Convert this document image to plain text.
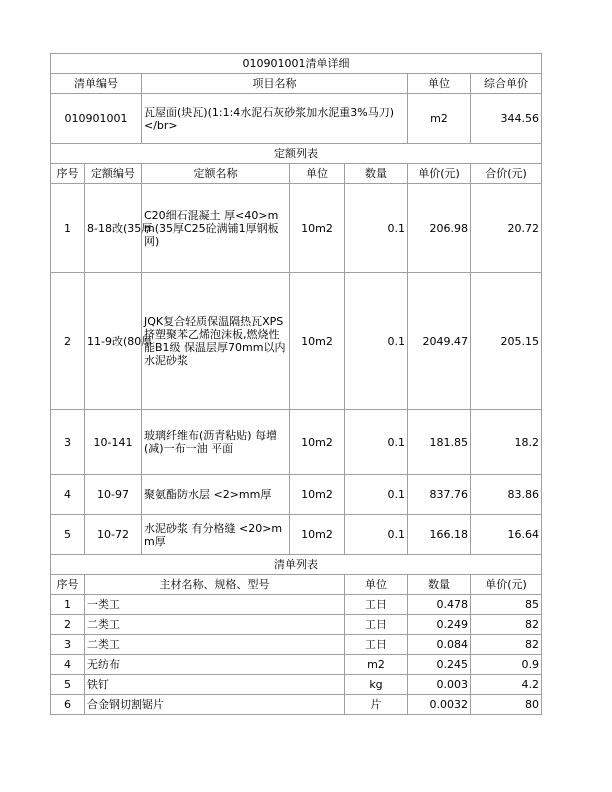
010901001清单详细							
清单编号		项目名称			单位	综合单价	
010901001		瓦屋面(块瓦)(1:1:4水泥石灰砂浆加水泥重3%马刀)</br>			m2	344.56	
定额列表							
序号	定额编号	定额名称	单位	数量	单价(元)	合价(元)	
1	8-18改(35厚	C20细石混凝土 厚<40>mm(35厚C25砼满铺1厚钢板网)	10m2	0.1	206.98	20.72	
2	11-9改(80厚	JQK复合轻质保温隔热瓦XPS挤塑聚苯乙烯泡沫板,燃烧性能B1级 保温层厚70mm以内 水泥砂浆	10m2	0.1	2049.47	205.15	
3	10-141	玻璃纤维布(沥青粘贴) 每增(减)一布一油 平面	10m2	0.1	181.85	18.2	
4	10-97	聚氨酯防水层 <2>mm厚	10m2	0.1	837.76	83.86	
5	10-72	水泥砂浆 有分格缝 <20>mm厚	10m2	0.1	166.18	16.64	
清单列表							
序号	主材名称、规格、型号			单位	数量	单价(元)	
1	一类工			工日	0.478	85	
2	二类工			工日	0.249	82	
3	二类工			工日	0.084	82	
4	无纺布			m2	0.245	0.9	
5	铁钉			kg	0.003	4.2	
6	合金钢切割锯片			片	0.0032	80	
